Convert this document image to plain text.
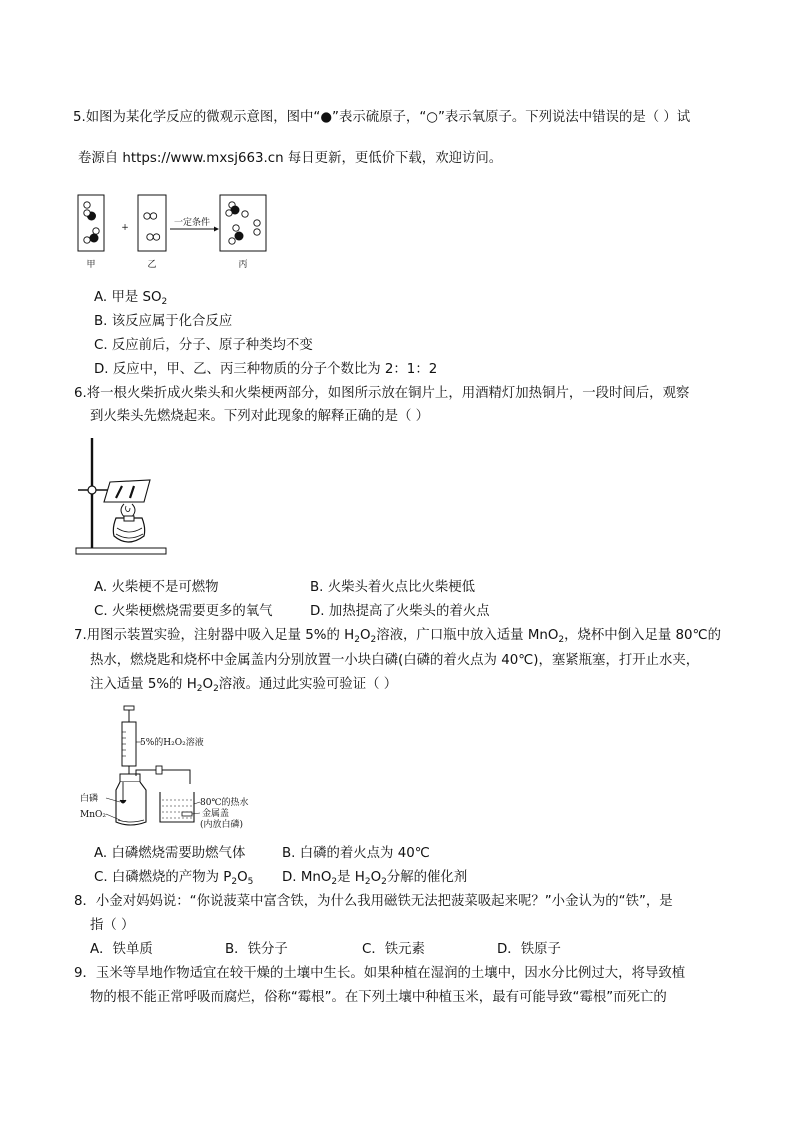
5.如图为某化学反应的微观示意图，图中“●”表示硫原子，“○”表示氧原子。下列说法中错误的是（ ）试
卷源自 https://www.mxsj663.cn 每日更新，更低价下载，欢迎访问。
+	一定条件
甲	乙	丙
A. 甲是 $SO_2$
B. 该反应属于化合反应
C. 反应前后，分子、原子种类均不变
D. 反应中，甲、乙、丙三种物质的分子个数比为 2：1：2
6.将一根火柴折成火柴头和火柴梗两部分，如图所示放在铜片上，用酒精灯加热铜片，一段时间后，观察
到火柴头先燃烧起来。下列对此现象的解释正确的是（ ）
A. 火柴梗不是可燃物	B. 火柴头着火点比火柴梗低
C. 火柴梗燃烧需要更多的氧气	D. 加热提高了火柴头的着火点
7.用图示装置实验，注射器中吸入足量 5%的 $H_2O_2$溶液，广口瓶中放入适量 MnO$_2$，烧杯中倒入足量 80℃的
热水，燃烧匙和烧杯中金属盖内分别放置一小块白磷(白磷的着火点为 40℃)，塞紧瓶塞，打开止水夹，
注入适量 5%的 $H_2O_2$溶液。通过此实验可验证（ ）
5%的H₂O₂溶液
白磷
MnO₂
80℃的热水
金属盖
(内放白磷)
A. 白磷燃烧需要助燃气体	B. 白磷的着火点为 40℃
C. 白磷燃烧的产物为 $P_2O_5$ D. MnO$_2$是 $H_2O_2$分解的催化剂
8．小金对妈妈说：“你说菠菜中富含铁，为什么我用磁铁无法把菠菜吸起来呢？”小金认为的“铁”，是
指（ ）
A．铁单质	B．铁分子	C．铁元素	D．铁原子
9．玉米等旱地作物适宜在较干燥的土壤中生长。如果种植在湿润的土壤中，因水分比例过大，将导致植
物的根不能正常呼吸而腐烂，俗称“霉根”。在下列土壤中种植玉米，最有可能导致“霉根”而死亡的
